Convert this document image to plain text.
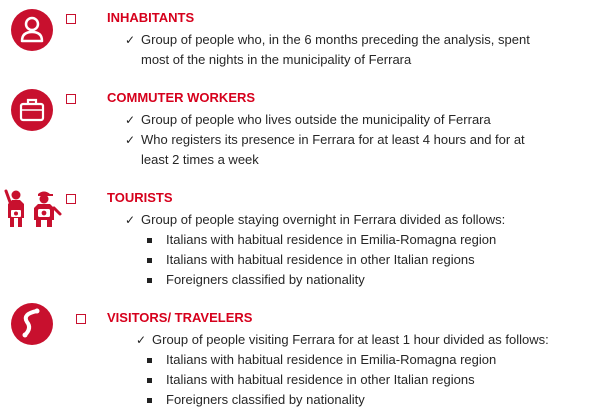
INHABITANTS
✓ Group of people who, in the 6 months preceding the analysis, spent
most of the nights in the municipality of Ferrara
COMMUTER WORKERS
✓ Group of people who lives outside the municipality of Ferrara
✓ Who registers its presence in Ferrara for at least 4 hours and for at
least 2 times a week
TOURISTS
✓ Group of people staying overnight in Ferrara divided as follows:
Italians with habitual residence in Emilia-Romagna region
Italians with habitual residence in other Italian regions
Foreigners classified by nationality
VISITORS/ TRAVELERS
✓ Group of people visiting Ferrara for at least 1 hour divided as follows:
Italians with habitual residence in Emilia-Romagna region
Italians with habitual residence in other Italian regions
Foreigners classified by nationality
